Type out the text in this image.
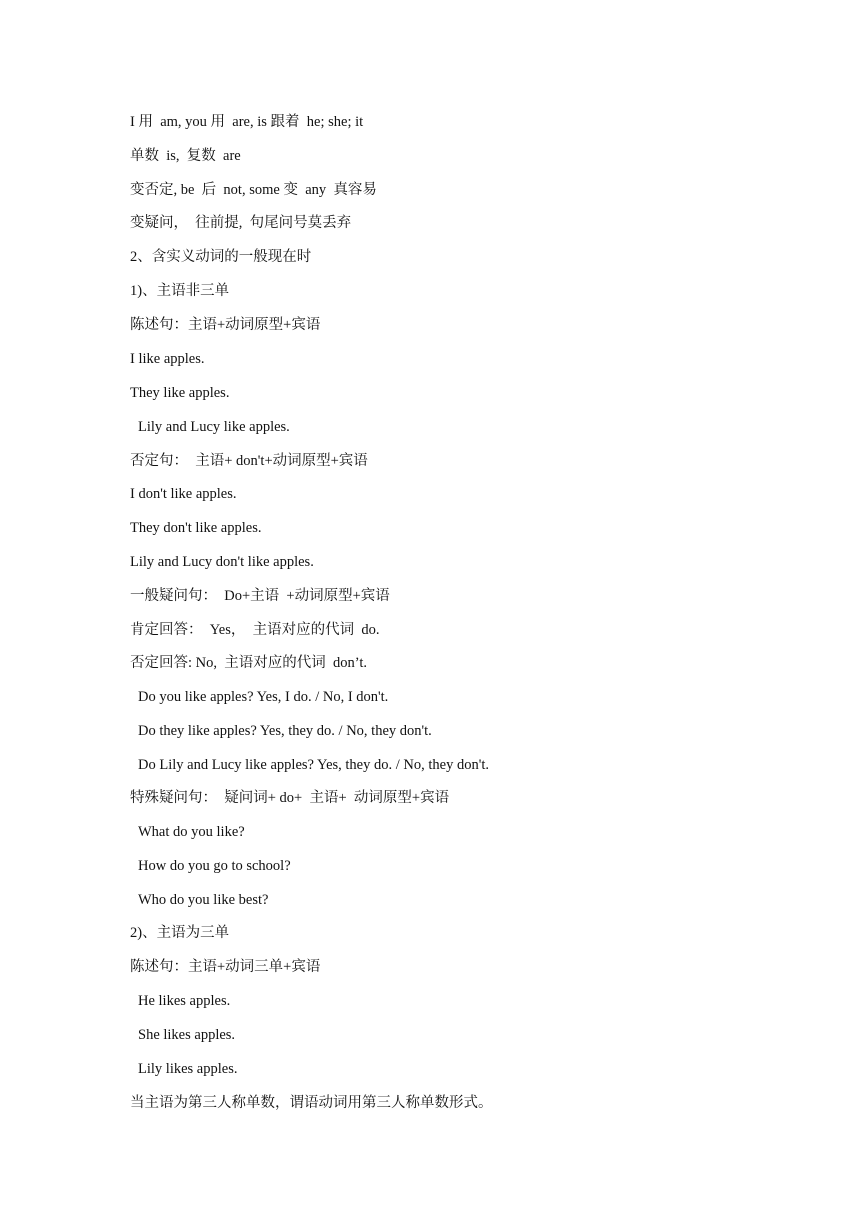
I 用  am, you 用  are, is 跟着  he; she; it
单数  is,  复数  are
变否定, be  后  not, some 变  any  真容易
变疑问，  往前提,  句尾问号莫丢弃
2、含实义动词的一般现在时
1)、主语非三单
陈述句：主语+动词原型+宾语
I like apples.
They like apples.
Lily and Lucy like apples.
否定句：  主语+ don't+动词原型+宾语
I don't like apples.
They don't like apples.
Lily and Lucy don't like apples.
一般疑问句：  Do+主语  +动词原型+宾语
肯定回答：  Yes，  主语对应的代词  do.
否定回答: No,  主语对应的代词  don’t.
Do you like apples? Yes, I do. / No, I don't.
Do they like apples? Yes, they do. / No, they don't.
Do Lily and Lucy like apples? Yes, they do. / No, they don't.
特殊疑问句：  疑问词+ do+  主语+  动词原型+宾语
What do you like?
How do you go to school?
Who do you like best?
2)、主语为三单
陈述句：主语+动词三单+宾语
He likes apples.
She likes apples.
Lily likes apples.
当主语为第三人称单数，谓语动词用第三人称单数形式。
